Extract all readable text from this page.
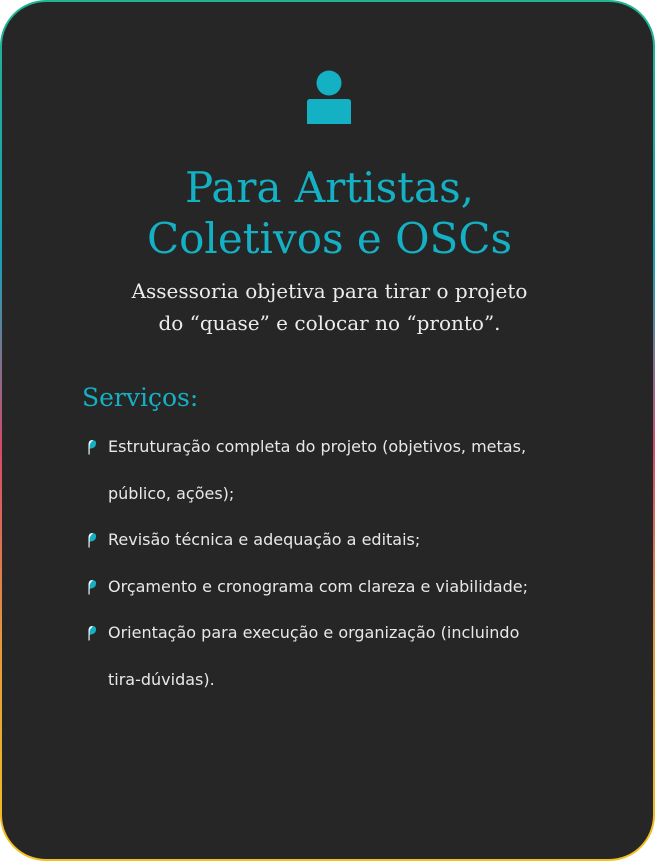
Para Artistas,
Coletivos e OSCs
Assessoria objetiva para tirar o projeto
do “quase” e colocar no “pronto”.
Serviços:
Estruturação completa do projeto (objetivos, metas, público, ações);
Revisão técnica e adequação a editais;
Orçamento e cronograma com clareza e viabilidade;
Orientação para execução e organização (incluindo tira-dúvidas).
